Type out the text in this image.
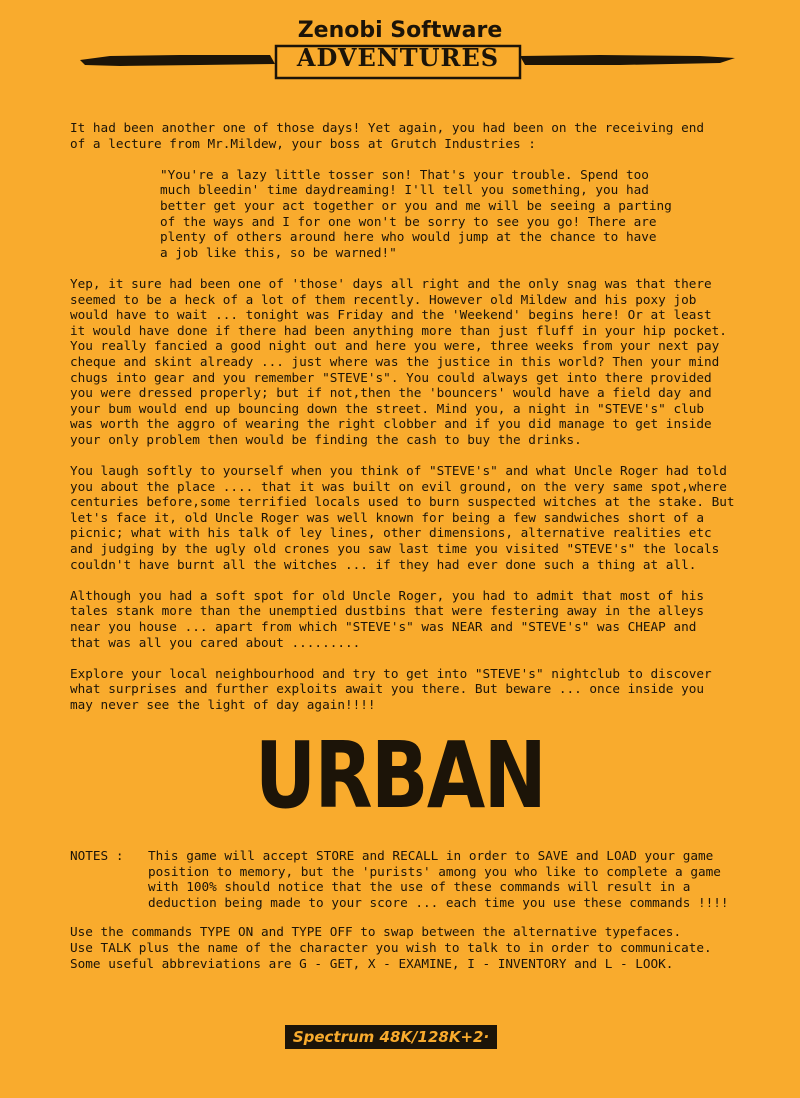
Zenobi Software
ADVENTURES

It had been another one of those days! Yet again, you had been on the receiving end
of a lecture from Mr.Mildew, your boss at Grutch Industries :

"You're a lazy little tosser son! That's your trouble. Spend too
much bleedin' time daydreaming! I'll tell you something, you had
better get your act together or you and me will be seeing a parting
of the ways and I for one won't be sorry to see you go! There are
plenty of others around here who would jump at the chance to have
a job like this, so be warned!"

Yep, it sure had been one of 'those' days all right and the only snag was that there
seemed to be a heck of a lot of them recently. However old Mildew and his poxy job
would have to wait ... tonight was Friday and the 'Weekend' begins here! Or at least
it would have done if there had been anything more than just fluff in your hip pocket.
You really fancied a good night out and here you were, three weeks from your next pay
cheque and skint already ... just where was the justice in this world? Then your mind
chugs into gear and you remember "STEVE's". You could always get into there provided
you were dressed properly; but if not,then the 'bouncers' would have a field day and
your bum would end up bouncing down the street. Mind you, a night in "STEVE's" club
was worth the aggro of wearing the right clobber and if you did manage to get inside
your only problem then would be finding the cash to buy the drinks.

You laugh softly to yourself when you think of "STEVE's" and what Uncle Roger had told
you about the place .... that it was built on evil ground, on the very same spot,where
centuries before,some terrified locals used to burn suspected witches at the stake. But
let's face it, old Uncle Roger was well known for being a few sandwiches short of a
picnic; what with his talk of ley lines, other dimensions, alternative realities etc
and judging by the ugly old crones you saw last time you visited "STEVE's" the locals
couldn't have burnt all the witches ... if they had ever done such a thing at all.

Although you had a soft spot for old Uncle Roger, you had to admit that most of his
tales stank more than the unemptied dustbins that were festering away in the alleys
near you house ... apart from which "STEVE's" was NEAR and "STEVE's" was CHEAP and
that was all you cared about .........

Explore your local neighbourhood and try to get into "STEVE's" nightclub to discover
what surprises and further exploits await you there. But beware ... once inside you
may never see the light of day again!!!!

URBAN
NOTES :	This game will accept STORE and RECALL in order to SAVE and LOAD your game
position to memory, but the 'purists' among you who like to complete a game
with 100% should notice that the use of these commands will result in a
deduction being made to your score ... each time you use these commands !!!!
Use the commands TYPE ON and TYPE OFF to swap between the alternative typefaces.
Use TALK plus the name of the character you wish to talk to in order to communicate.
Some useful abbreviations are G - GET, X - EXAMINE, I - INVENTORY and L - LOOK.
Spectrum 48K/128K+2·
